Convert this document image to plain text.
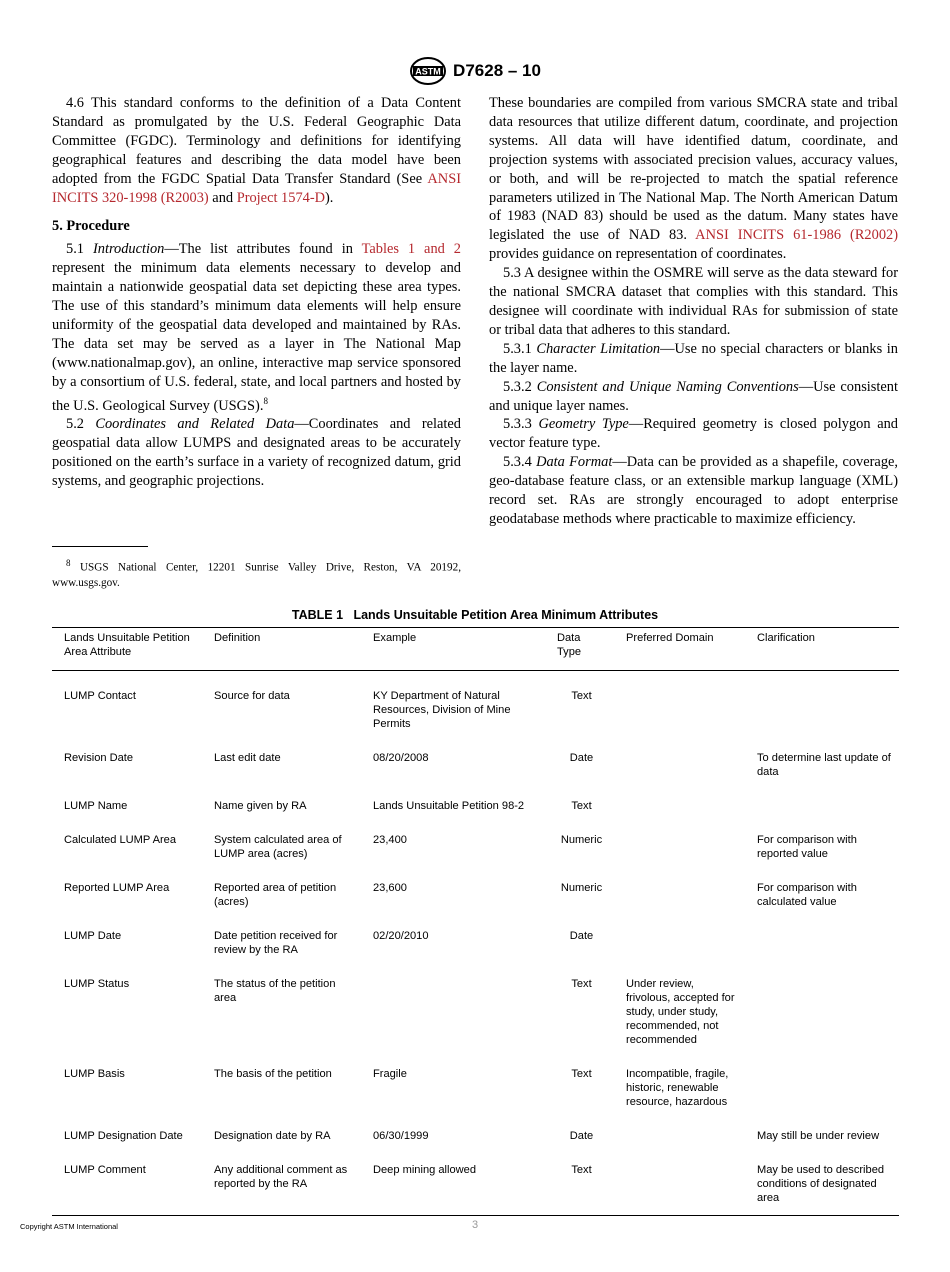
ASTM D7628 – 10

4.6 This standard conforms to the definition of a Data Content Standard as promulgated by the U.S. Federal Geographic Data Committee (FGDC). Terminology and definitions for identifying geographical features and describing the data model have been adopted from the FGDC Spatial Data Transfer Standard (See ANSI INCITS 320-1998 (R2003) and Project 1574-D).

5. Procedure

5.1 Introduction—The list attributes found in Tables 1 and 2 represent the minimum data elements necessary to develop and maintain a nationwide geospatial data set depicting these area types. The use of this standard’s minimum data elements will help ensure uniformity of the geospatial data developed and maintained by RAs. The data set may be served as a layer in The National Map (www.nationalmap.gov), an online, interactive map service sponsored by a consortium of U.S. federal, state, and local partners and hosted by the U.S. Geological Survey (USGS).$^8$

5.2 Coordinates and Related Data—Coordinates and related geospatial data allow LUMPS and designated areas to be accurately positioned on the earth’s surface in a variety of recognized datum, grid systems, and geographic projections.

$^8$ USGS National Center, 12201 Sunrise Valley Drive, Reston, VA 20192, www.usgs.gov.

These boundaries are compiled from various SMCRA state and tribal data resources that utilize different datum, coordinate, and projection systems. All data will have identified datum, coordinate, and projection systems with associated precision values, accuracy values, or both, and will be re-projected to match the spatial reference parameters utilized in The National Map. The North American Datum of 1983 (NAD 83) should be used as the datum. Many states have legislated the use of NAD 83. ANSI INCITS 61-1986 (R2002) provides guidance on representation of coordinates.

5.3 A designee within the OSMRE will serve as the data steward for the national SMCRA dataset that complies with this standard. This designee will coordinate with individual RAs for submission of state or tribal data that adheres to this standard.

5.3.1 Character Limitation—Use no special characters or blanks in the layer name.

5.3.2 Consistent and Unique Naming Conventions—Use consistent and unique layer names.

5.3.3 Geometry Type—Required geometry is closed polygon and vector feature type.

5.3.4 Data Format—Data can be provided as a shapefile, coverage, geo-database feature class, or an extensible markup language (XML) record set. RAs are strongly encouraged to adopt enterprise geodatabase methods where practicable to maximize efficiency.

TABLE 1   Lands Unsuitable Petition Area Minimum Attributes
Lands Unsuitable Petition Area Attribute	Definition	Example	Data Type	Preferred Domain	Clarification
LUMP Contact	Source for data	KY Department of Natural Resources, Division of Mine Permits	Text		
Revision Date	Last edit date	08/20/2008	Date		To determine last update of data
LUMP Name	Name given by RA	Lands Unsuitable Petition 98-2	Text		
Calculated LUMP Area	System calculated area of LUMP area (acres)	23,400	Numeric		For comparison with reported value
Reported LUMP Area	Reported area of petition (acres)	23,600	Numeric		For comparison with calculated value
LUMP Date	Date petition received for review by the RA	02/20/2010	Date		
LUMP Status	The status of the petition area		Text	Under review, frivolous, accepted for study, under study, recommended, not recommended	
LUMP Basis	The basis of the petition	Fragile	Text	Incompatible, fragile, historic, renewable resource, hazardous	
LUMP Designation Date	Designation date by RA	06/30/1999	Date		May still be under review
LUMP Comment	Any additional comment as reported by the RA	Deep mining allowed	Text		May be used to described conditions of designated area
Copyright ASTM International	3
